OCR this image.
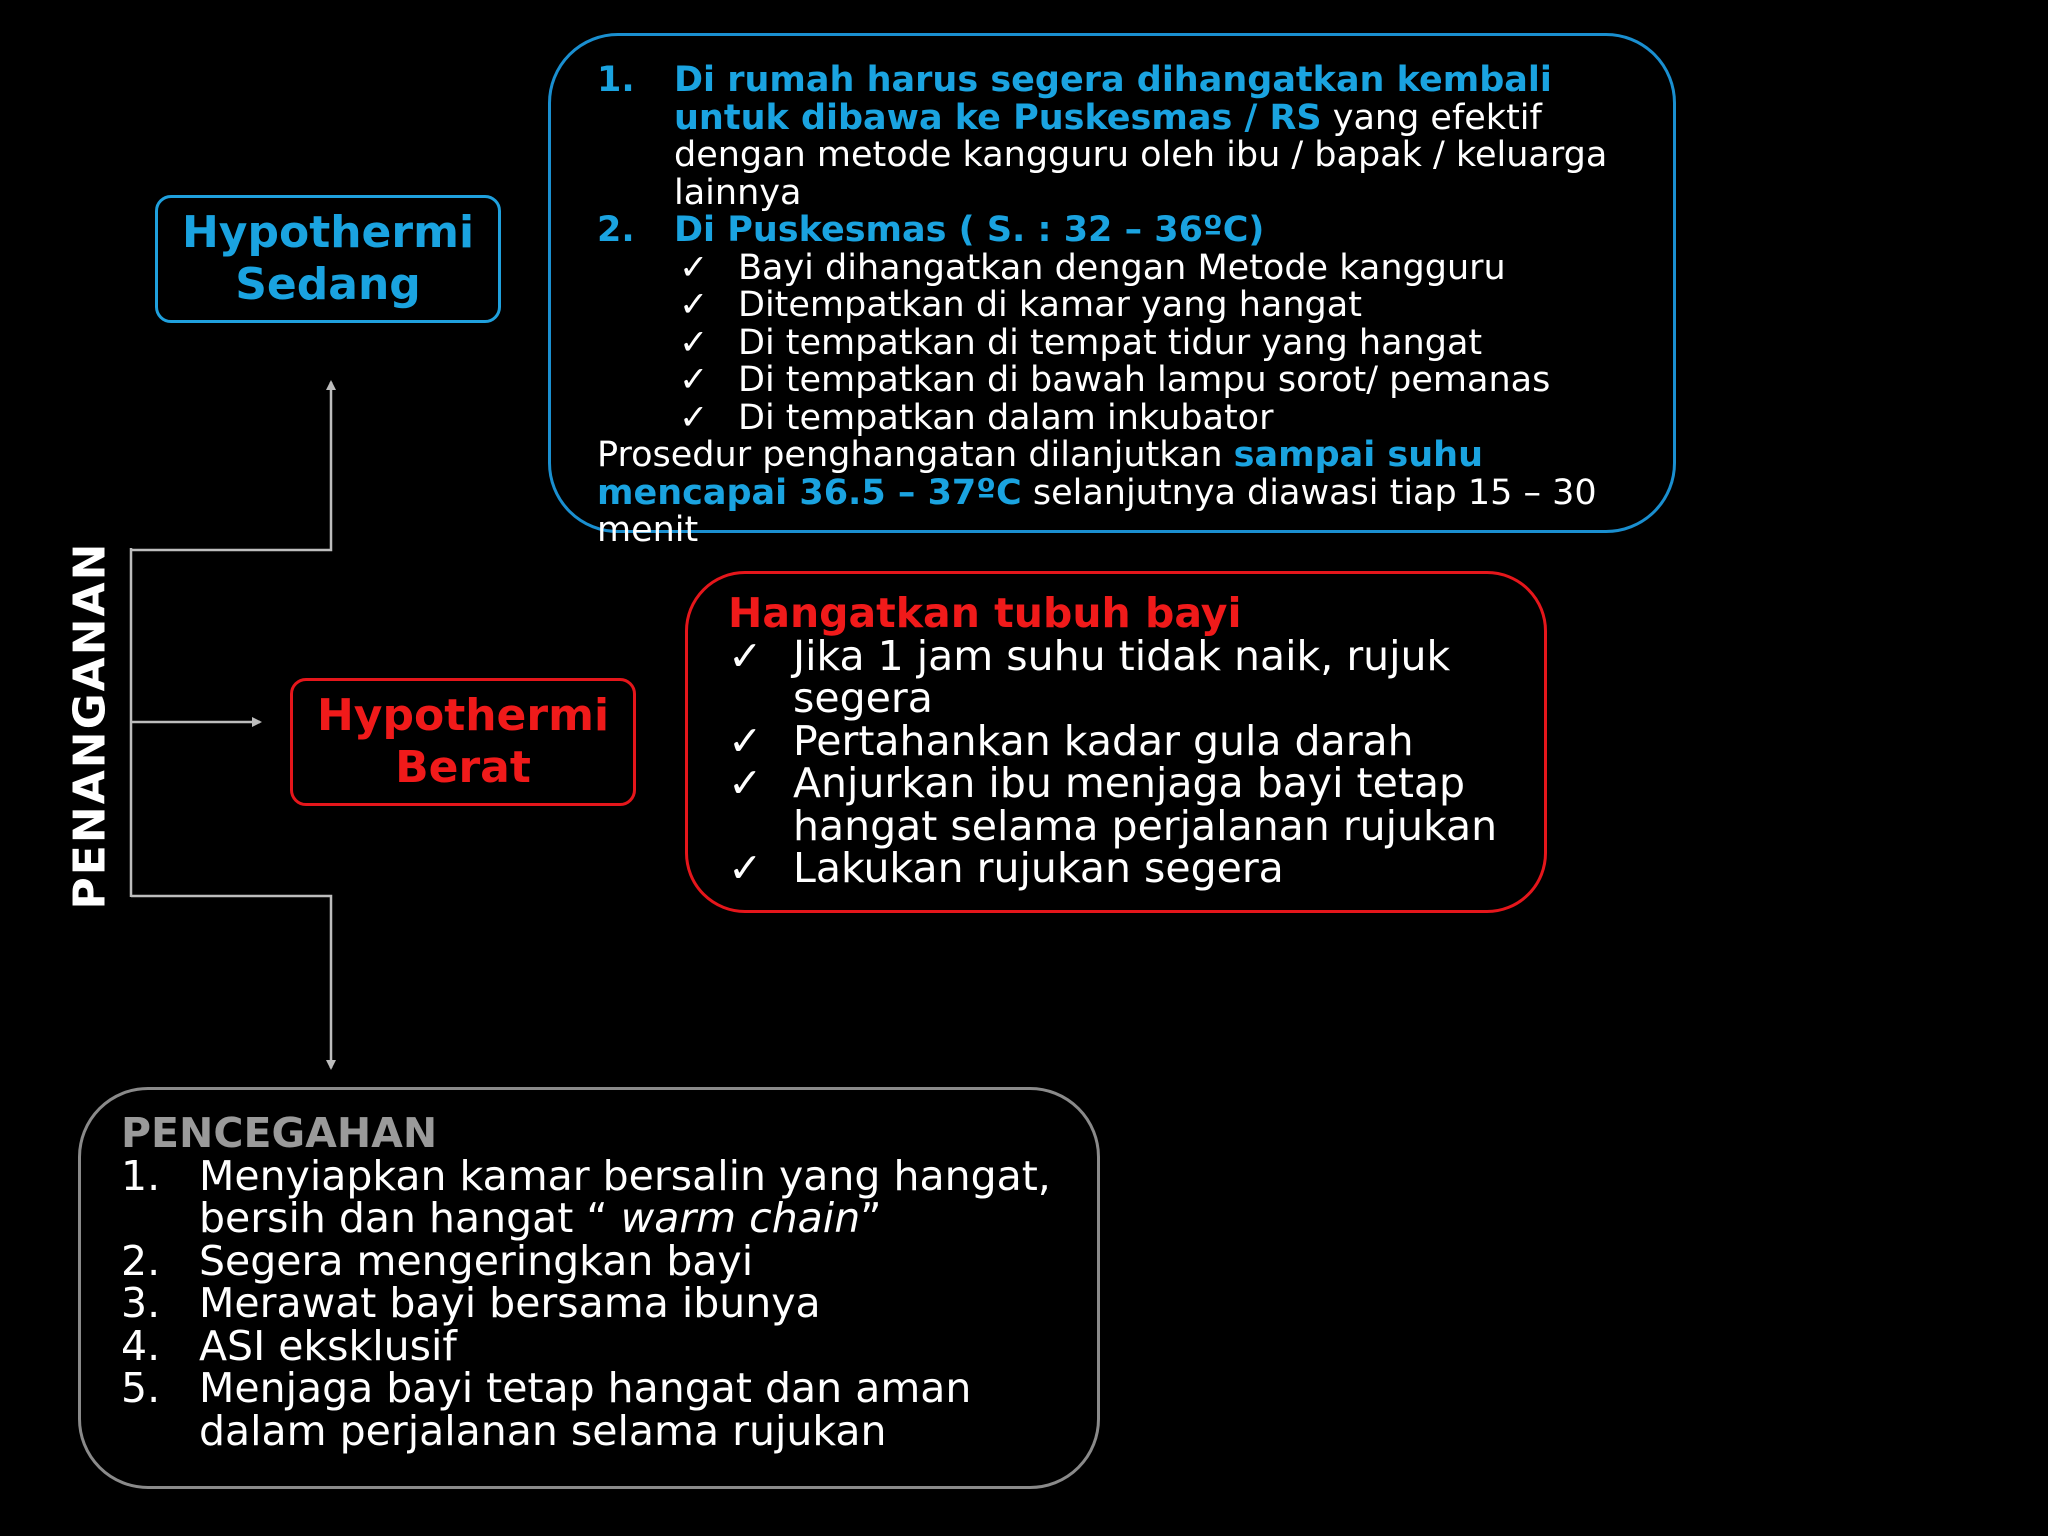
PENANGANAN
Hypothermi
Sedang
Hypothermi
Berat
1.	Di rumah harus segera dihangatkan kembali untuk dibawa ke Puskesmas / RS yang efektif dengan metode kangguru oleh ibu / bapak / keluarga lainnya
2.	Di Puskesmas ( S. : 32 – 36ºC)
✓ Bayi dihangatkan dengan Metode kangguru
✓ Ditempatkan di kamar yang hangat
✓ Di tempatkan di tempat tidur yang hangat
✓ Di tempatkan di bawah lampu sorot/ pemanas
✓ Di tempatkan dalam inkubator
Prosedur penghangatan dilanjutkan sampai suhu mencapai 36.5 – 37ºC selanjutnya diawasi tiap 15 – 30 menit
Hangatkan tubuh bayi
✓ Jika 1 jam suhu tidak naik, rujuk segera
✓ Pertahankan kadar gula darah
✓ Anjurkan ibu menjaga bayi tetap hangat selama perjalanan rujukan
✓ Lakukan rujukan segera
PENCEGAHAN
1. Menyiapkan kamar bersalin yang hangat, bersih dan hangat “ warm chain”
2. Segera mengeringkan bayi
3. Merawat bayi bersama ibunya
4. ASI eksklusif
5. Menjaga bayi tetap hangat dan aman dalam perjalanan selama rujukan
